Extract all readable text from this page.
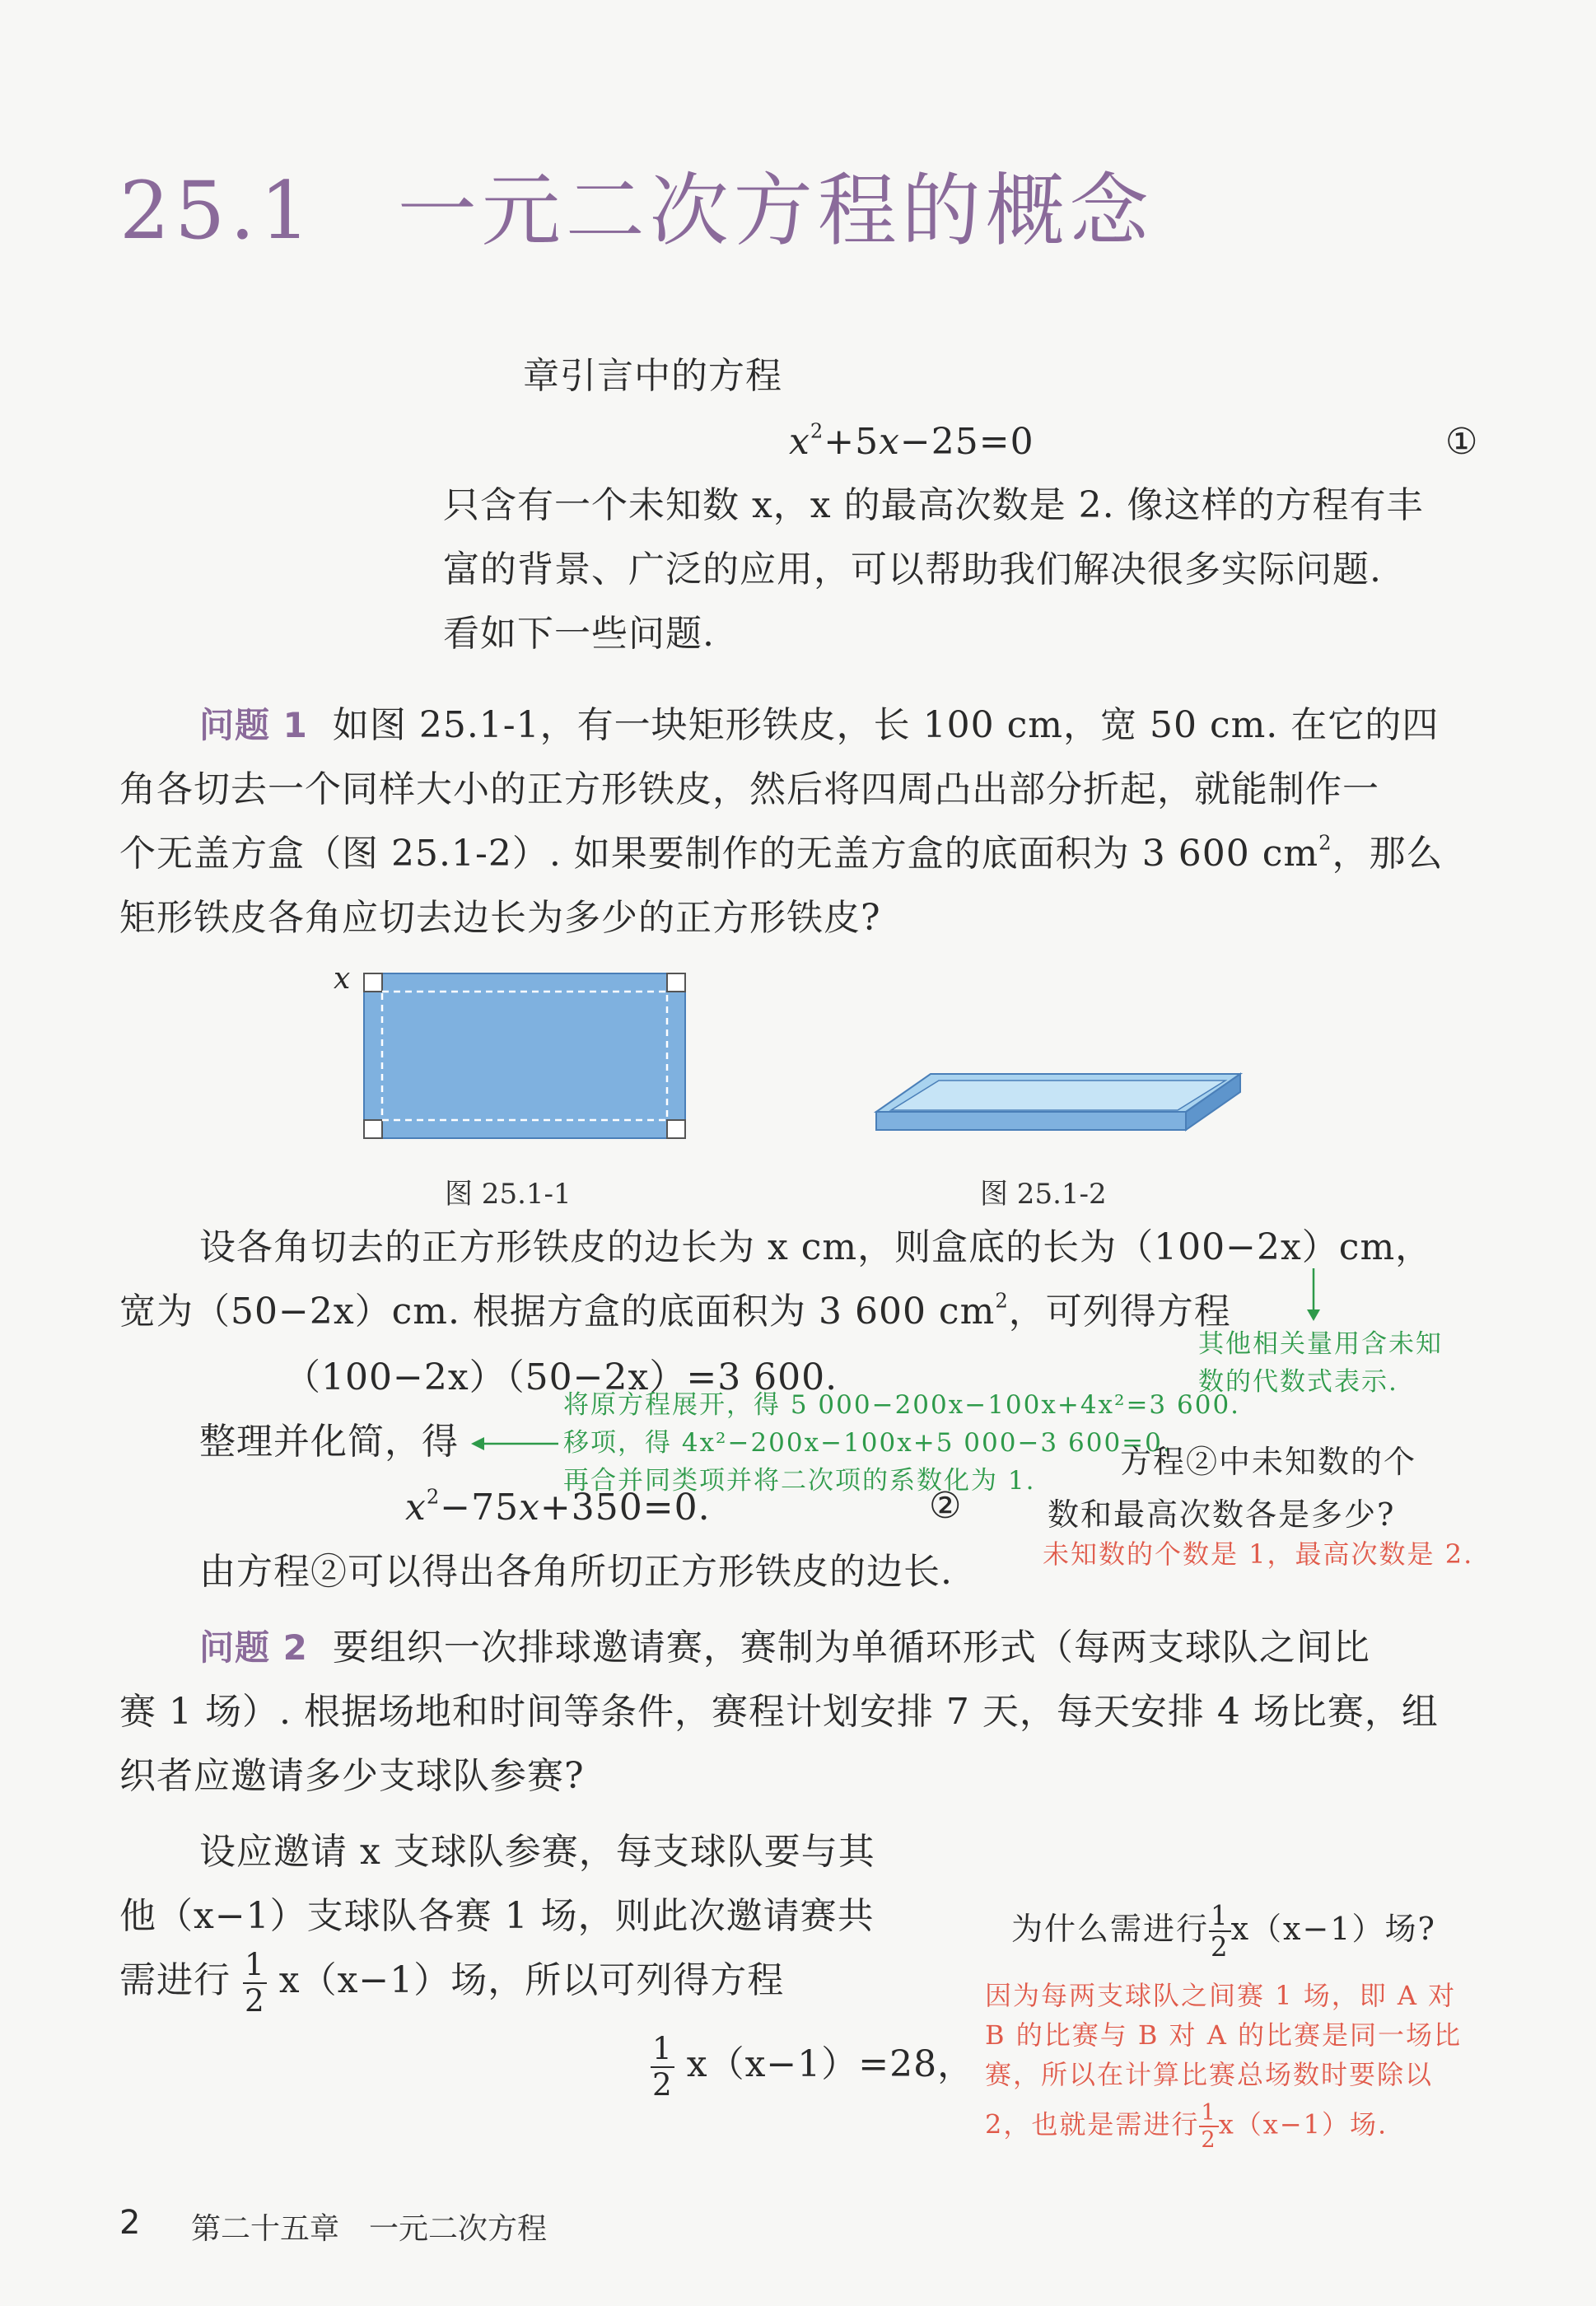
25.1 一元二次方程的概念
章引言中的方程
$x^2+5x-25=0$	①
只含有一个未知数 x，x 的最高次数是 2. 像这样的方程有丰
富的背景、广泛的应用，可以帮助我们解决很多实际问题.
看如下一些问题.
问题 1 如图 25.1-1，有一块矩形铁皮，长 100 cm，宽 50 cm. 在它的四
角各切去一个同样大小的正方形铁皮，然后将四周凸出部分折起，就能制作一
个无盖方盒（图 25.1-2）. 如果要制作的无盖方盒的底面积为 3 600 $cm^2$，那么
矩形铁皮各角应切去边长为多少的正方形铁皮?
x
图 25.1-1	图 25.1-2
设各角切去的正方形铁皮的边长为 x cm，则盒底的长为（100−2x）cm，
宽为（50−2x）cm. 根据方盒的底面积为 3 600 $cm^2$，可列得方程
其他相关量用含未知
数的代数式表示.
（100−2x）（50−2x）=3 600.
整理并化简，得
将原方程展开，得 5 000−200x−100x+4x²=3 600.
移项，得 4x²−200x−100x+5 000−3 600=0.
再合并同类项并将二次项的系数化为 1.
$x^2-75x+350=0$.	②
方程②中未知数的个
数和最高次数各是多少?
未知数的个数是 1，最高次数是 2.
由方程②可以得出各角所切正方形铁皮的边长.
问题 2 要组织一次排球邀请赛，赛制为单循环形式（每两支球队之间比
赛 1 场）. 根据场地和时间等条件，赛程计划安排 7 天，每天安排 4 场比赛，组
织者应邀请多少支球队参赛?
设应邀请 x 支球队参赛，每支球队要与其
他（x−1）支球队各赛 1 场，则此次邀请赛共
需进行 $\frac{1}{2} x(x-1)$场，所以可列得方程
$\frac{1}{2} x(x-1)=28$，
为什么需进行 $\frac{1}{2} x(x-1)$场?
因为每两支球队之间赛 1 场，即 A 对
B 的比赛与 B 对 A 的比赛是同一场比
赛，所以在计算比赛总场数时要除以
2，也就是需进行 $\frac{1}{2} x(x-1)$场.
2 第二十五章　一元二次方程
